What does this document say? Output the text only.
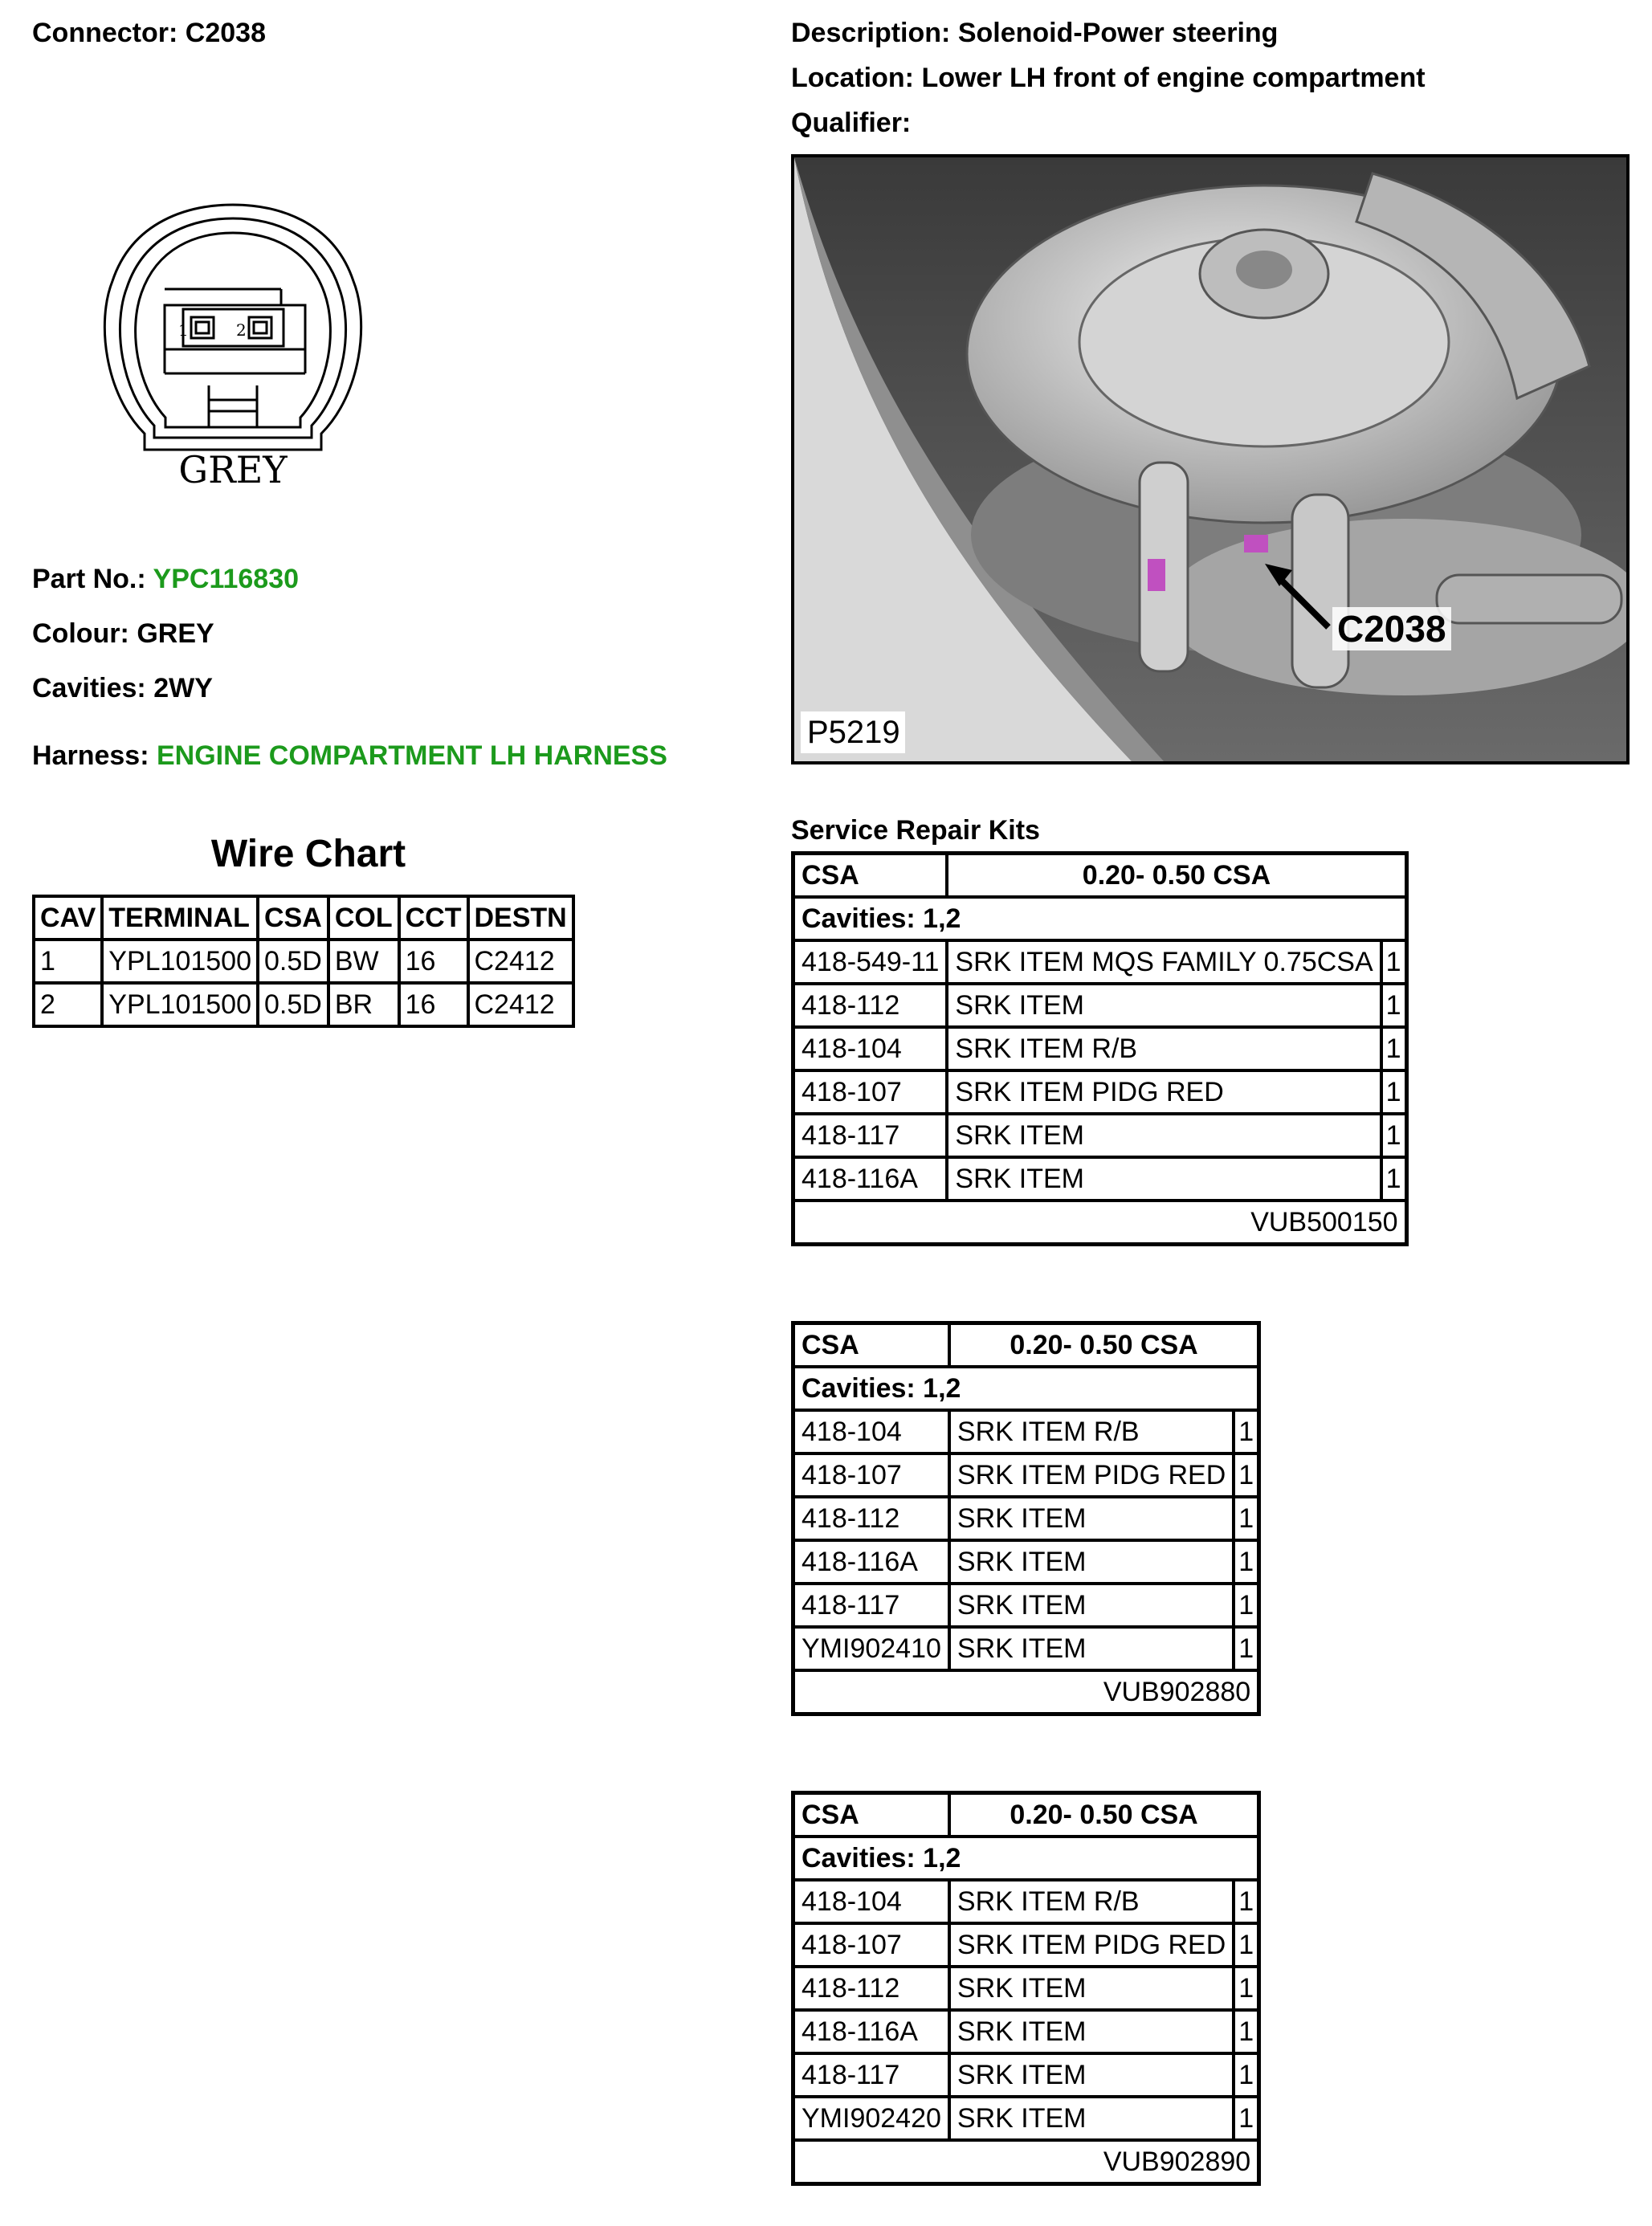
Connector: C2038	Description: Solenoid-Power steering
Location: Lower LH front of engine compartment
Qualifier:
1	2
GREY
Part No.: YPC116830
Colour: GREY
Cavities: 2WY
Harness: ENGINE COMPARTMENT LH HARNESS
Wire Chart
CAV	TERMINAL	CSA	COL	CCT	DESTN
1	YPL101500	0.5D	BW	16	C2412
2	YPL101500	0.5D	BR	16	C2412
C2038
P5219
Service Repair Kits
CSA	0.20- 0.50 CSA	
Cavities: 1,2		
418-549-11	SRK ITEM MQS FAMILY 0.75CSA	1
418-112	SRK ITEM	1
418-104	SRK ITEM R/B	1
418-107	SRK ITEM PIDG RED	1
418-117	SRK ITEM	1
418-116A	SRK ITEM	1
VUB500150		
CSA	0.20- 0.50 CSA	
Cavities: 1,2		
418-104	SRK ITEM R/B	1
418-107	SRK ITEM PIDG RED	1
418-112	SRK ITEM	1
418-116A	SRK ITEM	1
418-117	SRK ITEM	1
YMI902410	SRK ITEM	1
VUB902880		
CSA	0.20- 0.50 CSA	
Cavities: 1,2		
418-104	SRK ITEM R/B	1
418-107	SRK ITEM PIDG RED	1
418-112	SRK ITEM	1
418-116A	SRK ITEM	1
418-117	SRK ITEM	1
YMI902420	SRK ITEM	1
VUB902890		
